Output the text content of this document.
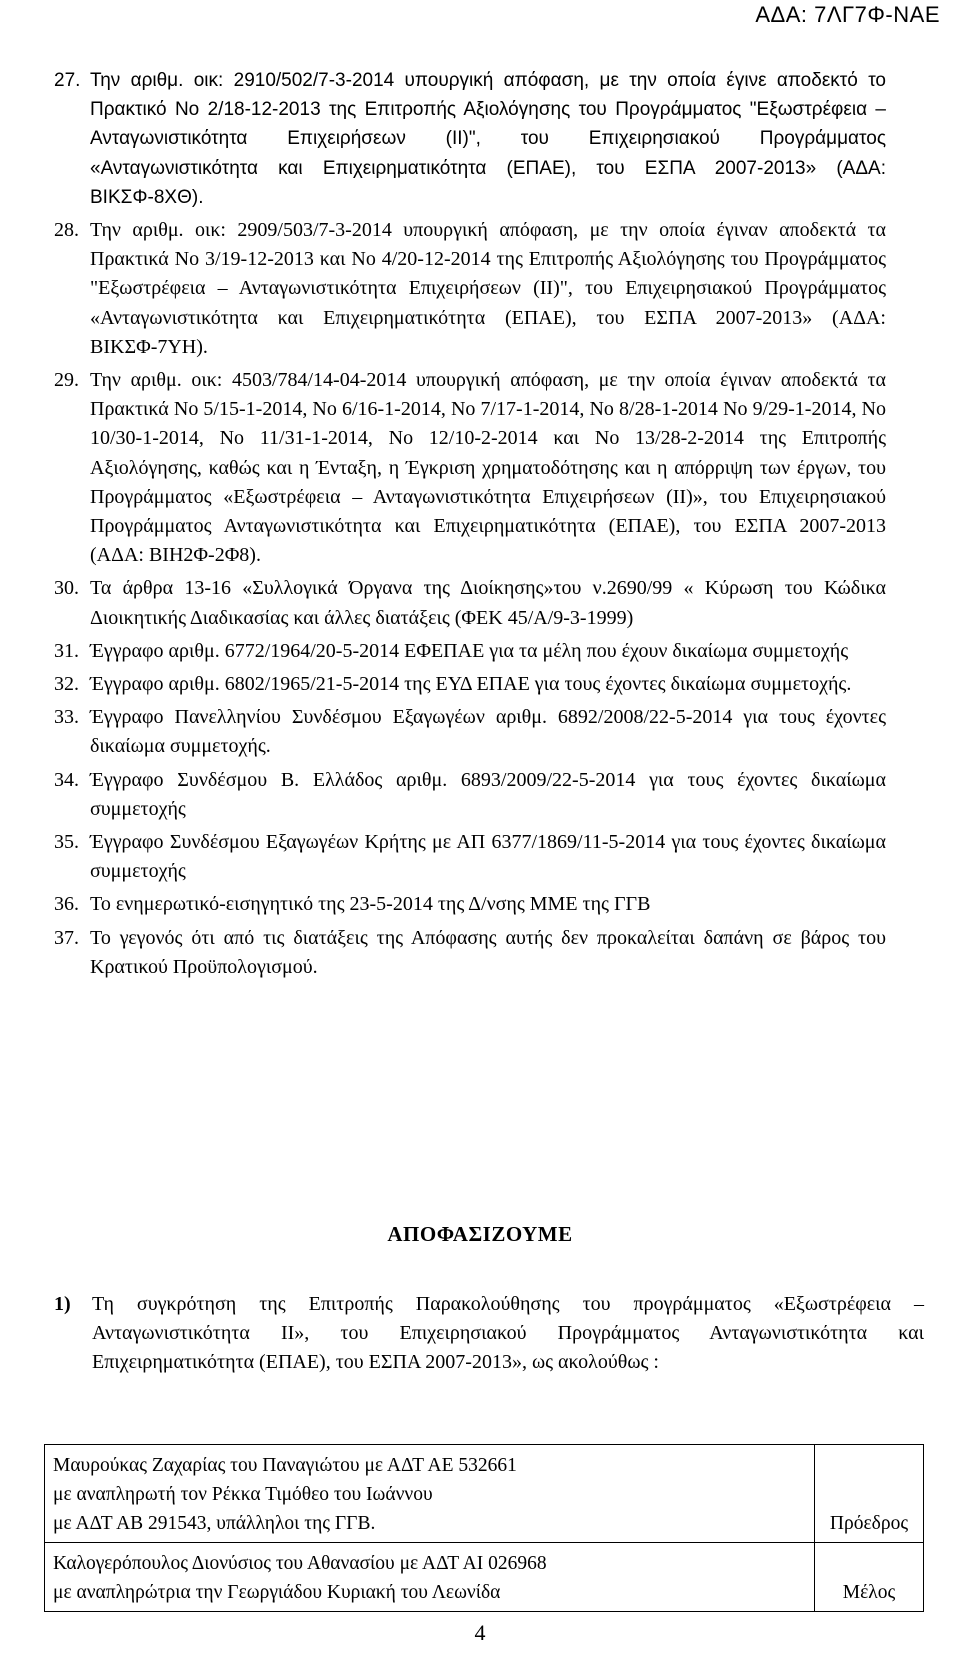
ΑΔΑ: 7ΛΓ7Φ-ΝΑΕ
27. Την αριθμ. οικ: 2910/502/7-3-2014 υπουργική απόφαση, με την οποία έγινε αποδεκτό το Πρακτικό Νο 2/18-12-2013 της Επιτροπής Αξιολόγησης του Προγράμματος "Εξωστρέφεια – Ανταγωνιστικότητα Επιχειρήσεων (ΙΙ)", του Επιχειρησιακού Προγράμματος «Ανταγωνιστικότητα και Επιχειρηματικότητα (ΕΠΑΕ), του ΕΣΠΑ 2007-2013» (ΑΔΑ: ΒΙΚΣΦ-8ΧΘ).
28. Την αριθμ. οικ: 2909/503/7-3-2014 υπουργική απόφαση, με την οποία έγιναν αποδεκτά τα Πρακτικά Νο 3/19-12-2013 και Νο 4/20-12-2014 της Επιτροπής Αξιολόγησης του Προγράμματος "Εξωστρέφεια – Ανταγωνιστικότητα Επιχειρήσεων (ΙΙ)", του Επιχειρησιακού Προγράμματος «Ανταγωνιστικότητα και Επιχειρηματικότητα (ΕΠΑΕ), του ΕΣΠΑ 2007-2013» (ΑΔΑ: ΒΙΚΣΦ-7ΥΗ).
29. Την αριθμ. οικ: 4503/784/14-04-2014 υπουργική απόφαση, με την οποία έγιναν αποδεκτά τα Πρακτικά Νο 5/15-1-2014, Νο 6/16-1-2014, Νο 7/17-1-2014, Νο 8/28-1-2014 Νο 9/29-1-2014, Νο 10/30-1-2014, Νο 11/31-1-2014, Νο 12/10-2-2014 και Νο 13/28-2-2014 της Επιτροπής Αξιολόγησης, καθώς και η Ένταξη, η Έγκριση χρηματοδότησης και η απόρριψη των έργων, του Προγράμματος «Εξωστρέφεια – Ανταγωνιστικότητα Επιχειρήσεων (ΙΙ)», του Επιχειρησιακού Προγράμματος Ανταγωνιστικότητα και Επιχειρηματικότητα (ΕΠΑΕ), του ΕΣΠΑ 2007-2013 (ΑΔΑ: ΒΙΗ2Φ-2Φ8).
30. Τα άρθρα 13-16 «Συλλογικά Όργανα της Διοίκησης»του ν.2690/99 « Κύρωση του Κώδικα Διοικητικής Διαδικασίας και άλλες διατάξεις (ΦΕΚ 45/Α/9-3-1999)
31. Έγγραφο αριθμ. 6772/1964/20-5-2014 ΕΦΕΠΑΕ για τα μέλη που έχουν δικαίωμα συμμετοχής
32. Έγγραφο αριθμ. 6802/1965/21-5-2014 της ΕΥΔ ΕΠΑΕ για τους έχοντες δικαίωμα συμμετοχής.
33. Έγγραφο Πανελληνίου Συνδέσμου Εξαγωγέων αριθμ. 6892/2008/22-5-2014 για τους έχοντες δικαίωμα συμμετοχής.
34. Έγγραφο Συνδέσμου Β. Ελλάδος αριθμ. 6893/2009/22-5-2014 για τους έχοντες δικαίωμα συμμετοχής
35. Έγγραφο Συνδέσμου Εξαγωγέων Κρήτης με ΑΠ 6377/1869/11-5-2014 για τους έχοντες δικαίωμα συμμετοχής
36. Το ενημερωτικό-εισηγητικό της 23-5-2014 της Δ/νσης ΜΜΕ της ΓΓΒ
37. Το γεγονός ότι από τις διατάξεις της Απόφασης αυτής δεν προκαλείται δαπάνη σε βάρος του Κρατικού Προϋπολογισμού.
ΑΠΟΦΑΣΙΖΟΥΜΕ
1) Τη συγκρότηση της Επιτροπής Παρακολούθησης του προγράμματος «Εξωστρέφεια –Ανταγωνιστικότητα ΙΙ», του Επιχειρησιακού Προγράμματος Ανταγωνιστικότητα και Επιχειρηματικότητα (ΕΠΑΕ), του ΕΣΠΑ 2007-2013», ως ακολούθως :
Μαυρούκας Ζαχαρίας του Παναγιώτου με ΑΔΤ ΑΕ 532661
με αναπληρωτή τον Ρέκκα Τιμόθεο του Ιωάννου
με ΑΔΤ ΑΒ 291543, υπάλληλοι της ΓΓΒ.	Πρόεδρος

Καλογερόπουλος Διονύσιος του Αθανασίου με ΑΔΤ ΑΙ 026968
με αναπληρώτρια την Γεωργιάδου Κυριακή του Λεωνίδα	Μέλος
4
